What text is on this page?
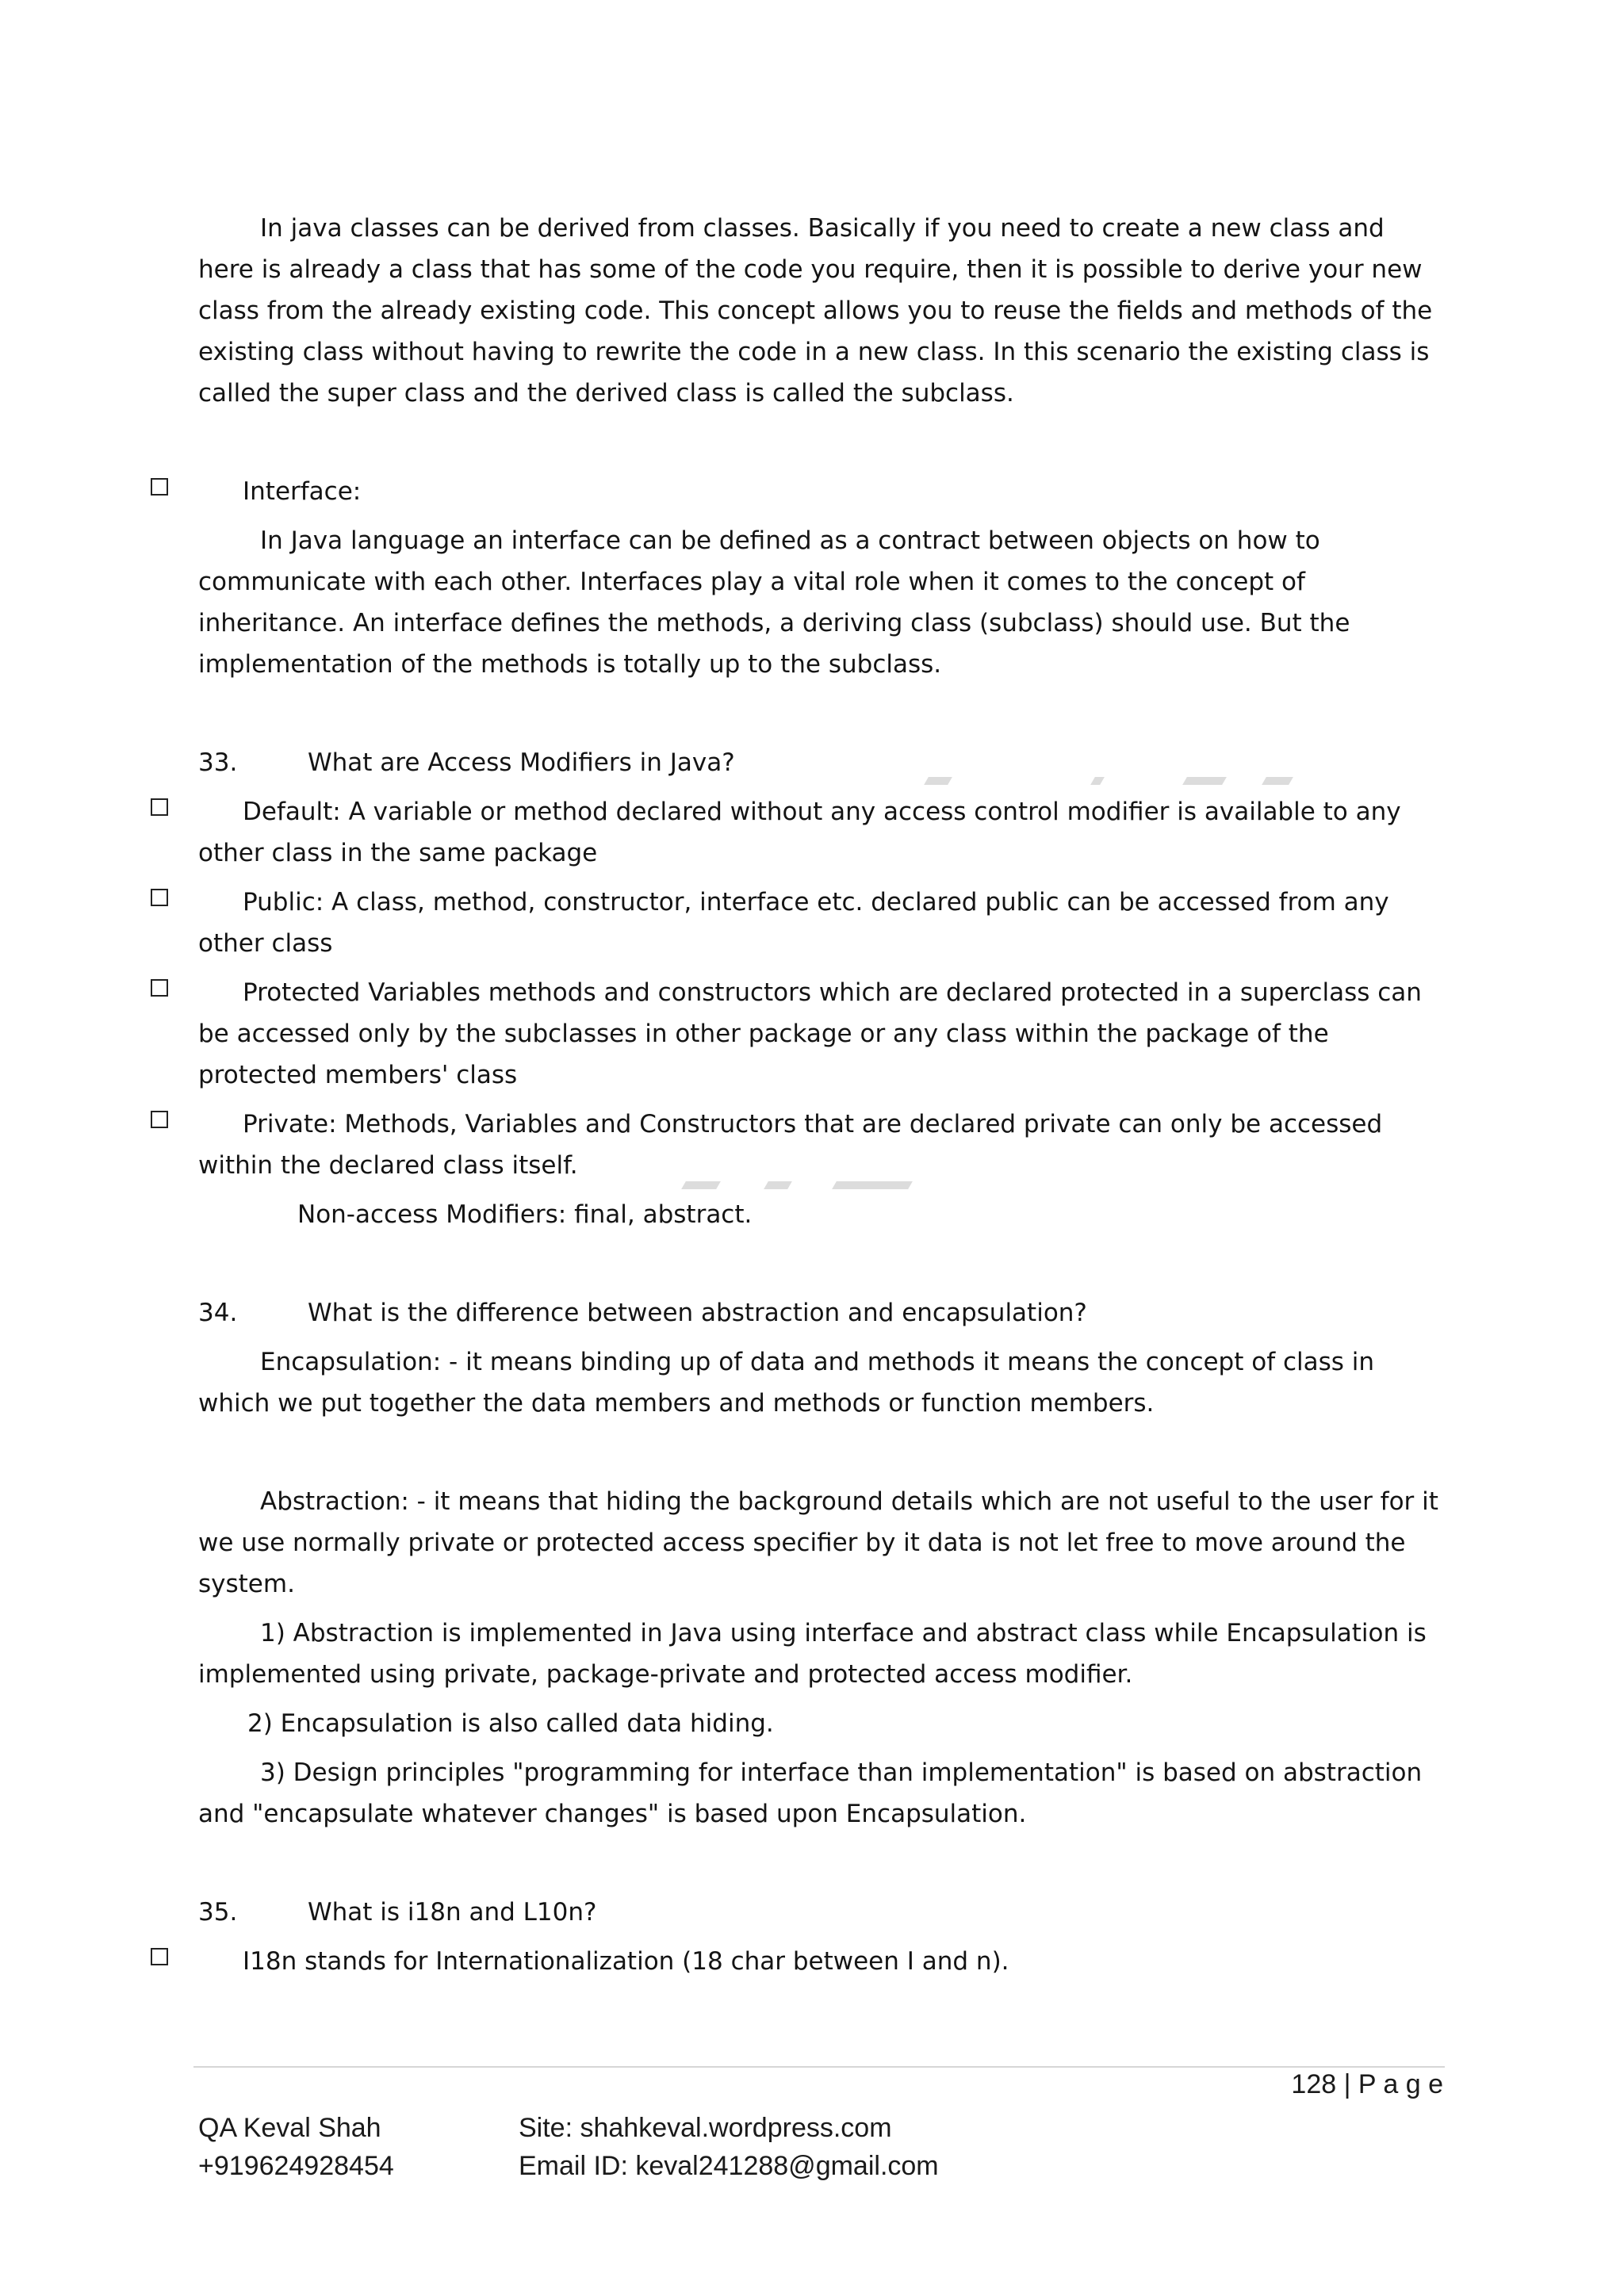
In java classes can be derived from classes. Basically if you need to create a new class and here is already a class that has some of the code you require, then it is possible to derive your new class from the already existing code. This concept allows you to reuse the fields and methods of the existing class without having to rewrite the code in a new class. In this scenario the existing class is called the super class and the derived class is called the subclass.

Interface:

In Java language an interface can be defined as a contract between objects on how to communicate with each other. Interfaces play a vital role when it comes to the concept of inheritance. An interface defines the methods, a deriving class (subclass) should use. But the implementation of the methods is totally up to the subclass.

33.	What are Access Modifiers in Java?

Default: A variable or method declared without any access control modifier is available to any other class in the same package

Public: A class, method, constructor, interface etc. declared public can be accessed from any other class

Protected Variables methods and constructors which are declared protected in a superclass can be accessed only by the subclasses in other package or any class within the package of the protected members' class

Private: Methods, Variables and Constructors that are declared private can only be accessed within the declared class itself.

Non-access Modifiers: final, abstract.

34.	What is the difference between abstraction and encapsulation?

Encapsulation: - it means binding up of data and methods it means the concept of class in which we put together the data members and methods or function members.

Abstraction: - it means that hiding the background details which are not useful to the user for it we use normally private or protected access specifier by it data is not let free to move around the system.

1) Abstraction is implemented in Java using interface and abstract class while Encapsulation is implemented using private, package-private and protected access modifier.

2) Encapsulation is also called data hiding.

3) Design principles "programming for interface than implementation" is based on abstraction and "encapsulate whatever changes" is based upon Encapsulation.

35.	What is i18n and L10n?

I18n stands for Internationalization (18 char between I and n).

128 | P a g e
QA Keval Shah
+919624928454
Site: shahkeval.wordpress.com
Email ID: keval241288@gmail.com
